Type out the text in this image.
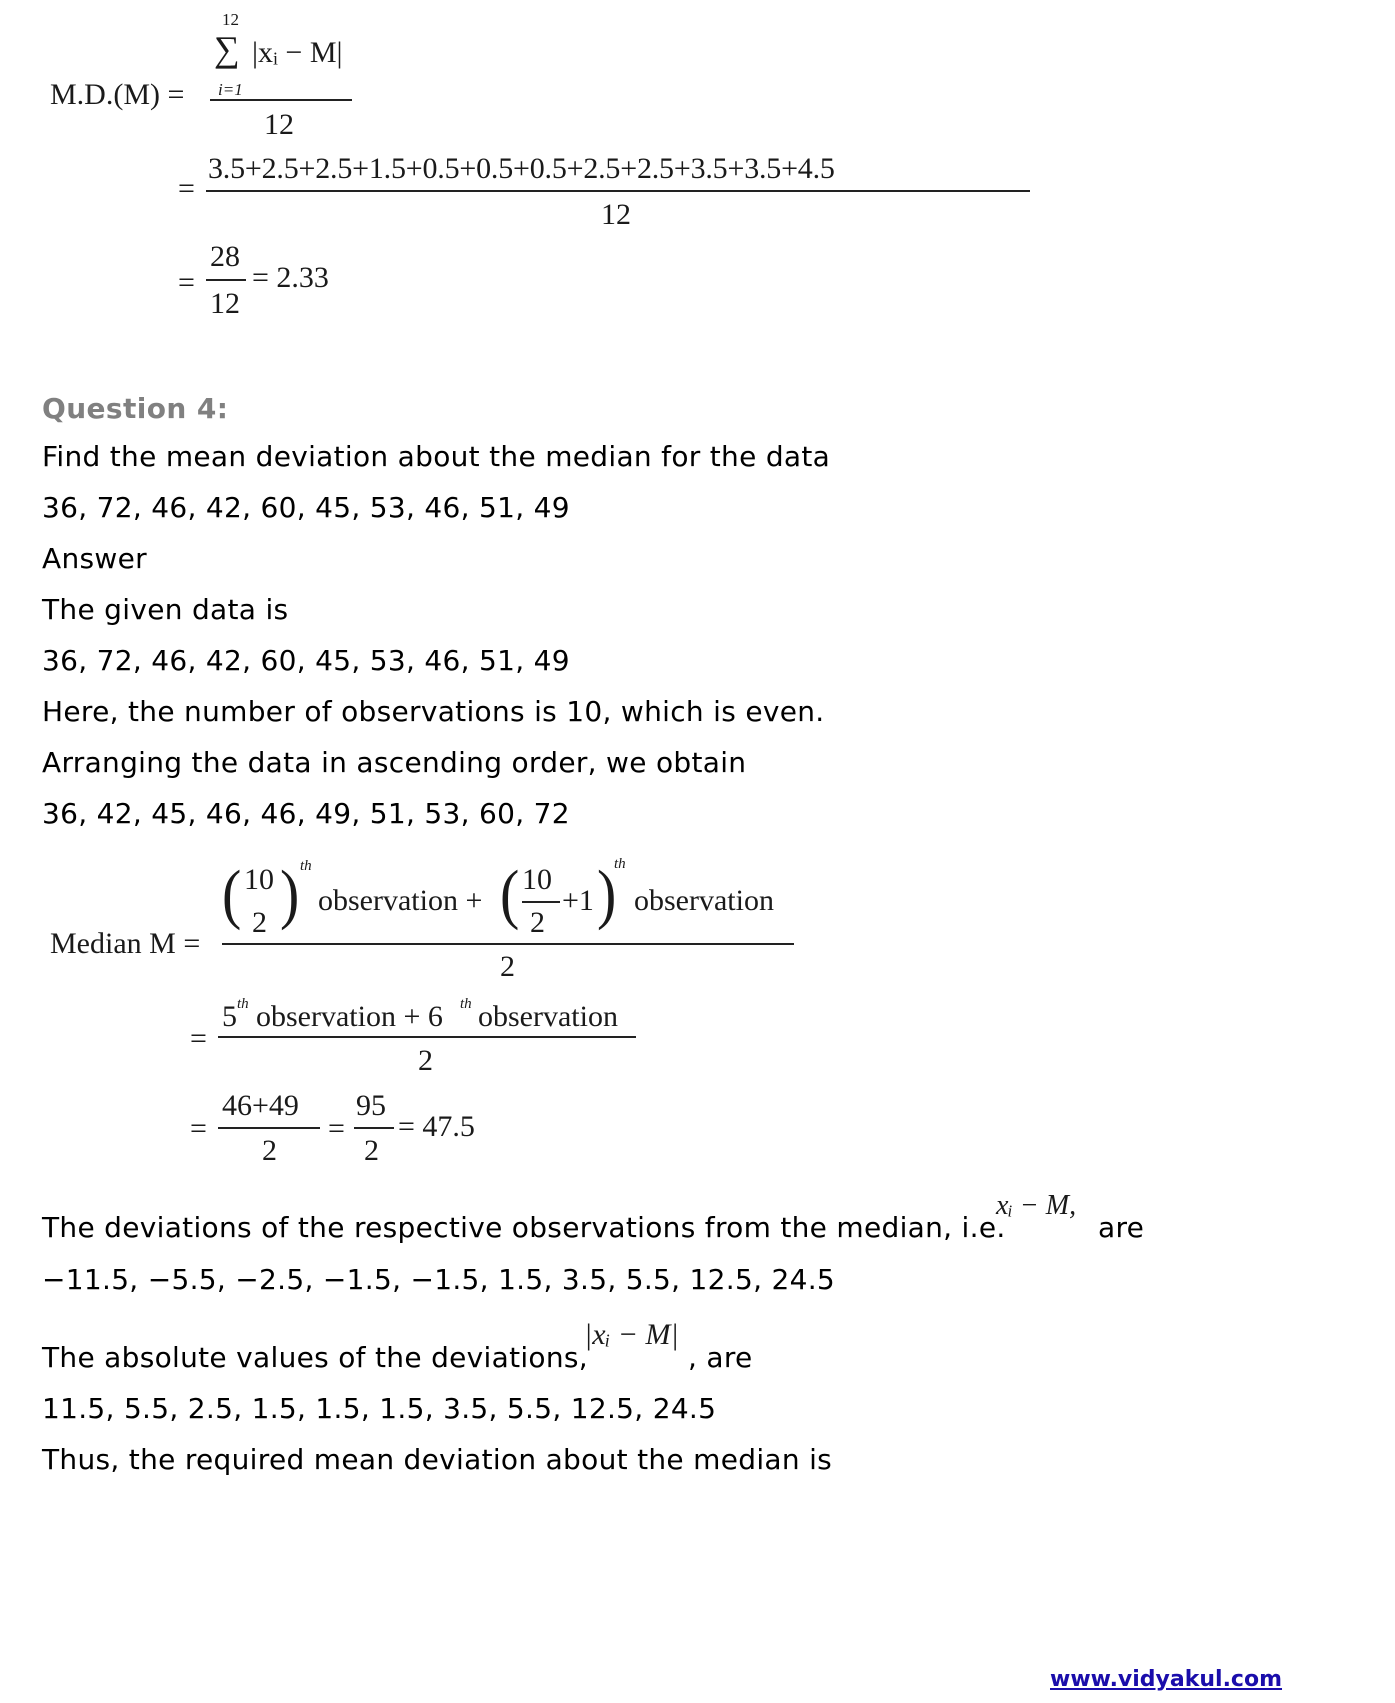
M.D.(M) =
12
∑ |xᵢ − M|
i=1
12
=
3.5+2.5+2.5+1.5+0.5+0.5+0.5+2.5+2.5+3.5+3.5+4.5
12
=
28
12
= 2.33
Question 4:
Find the mean deviation about the median for the data
36, 72, 46, 42, 60, 45, 53, 46, 51, 49
Answer
The given data is
36, 72, 46, 42, 60, 45, 53, 46, 51, 49
Here, the number of observations is 10, which is even.
Arranging the data in ascending order, we obtain
36, 42, 45, 46, 46, 49, 51, 53, 60, 72
Median M =
( 10
2 ) th
observation + ( 10
2
+1 )
th
observation
2
=
5 th observation + 6 th observation
2
=
46+49
2
=
95
2
= 47.5
The deviations of the respective observations from the median, i.e.
xᵢ − M,
are
−11.5, −5.5, −2.5, −1.5, −1.5, 1.5, 3.5, 5.5, 12.5, 24.5
The absolute values of the deviations,
|xᵢ − M|
, are
11.5, 5.5, 2.5, 1.5, 1.5, 1.5, 3.5, 5.5, 12.5, 24.5
Thus, the required mean deviation about the median is
www.vidyakul.com
